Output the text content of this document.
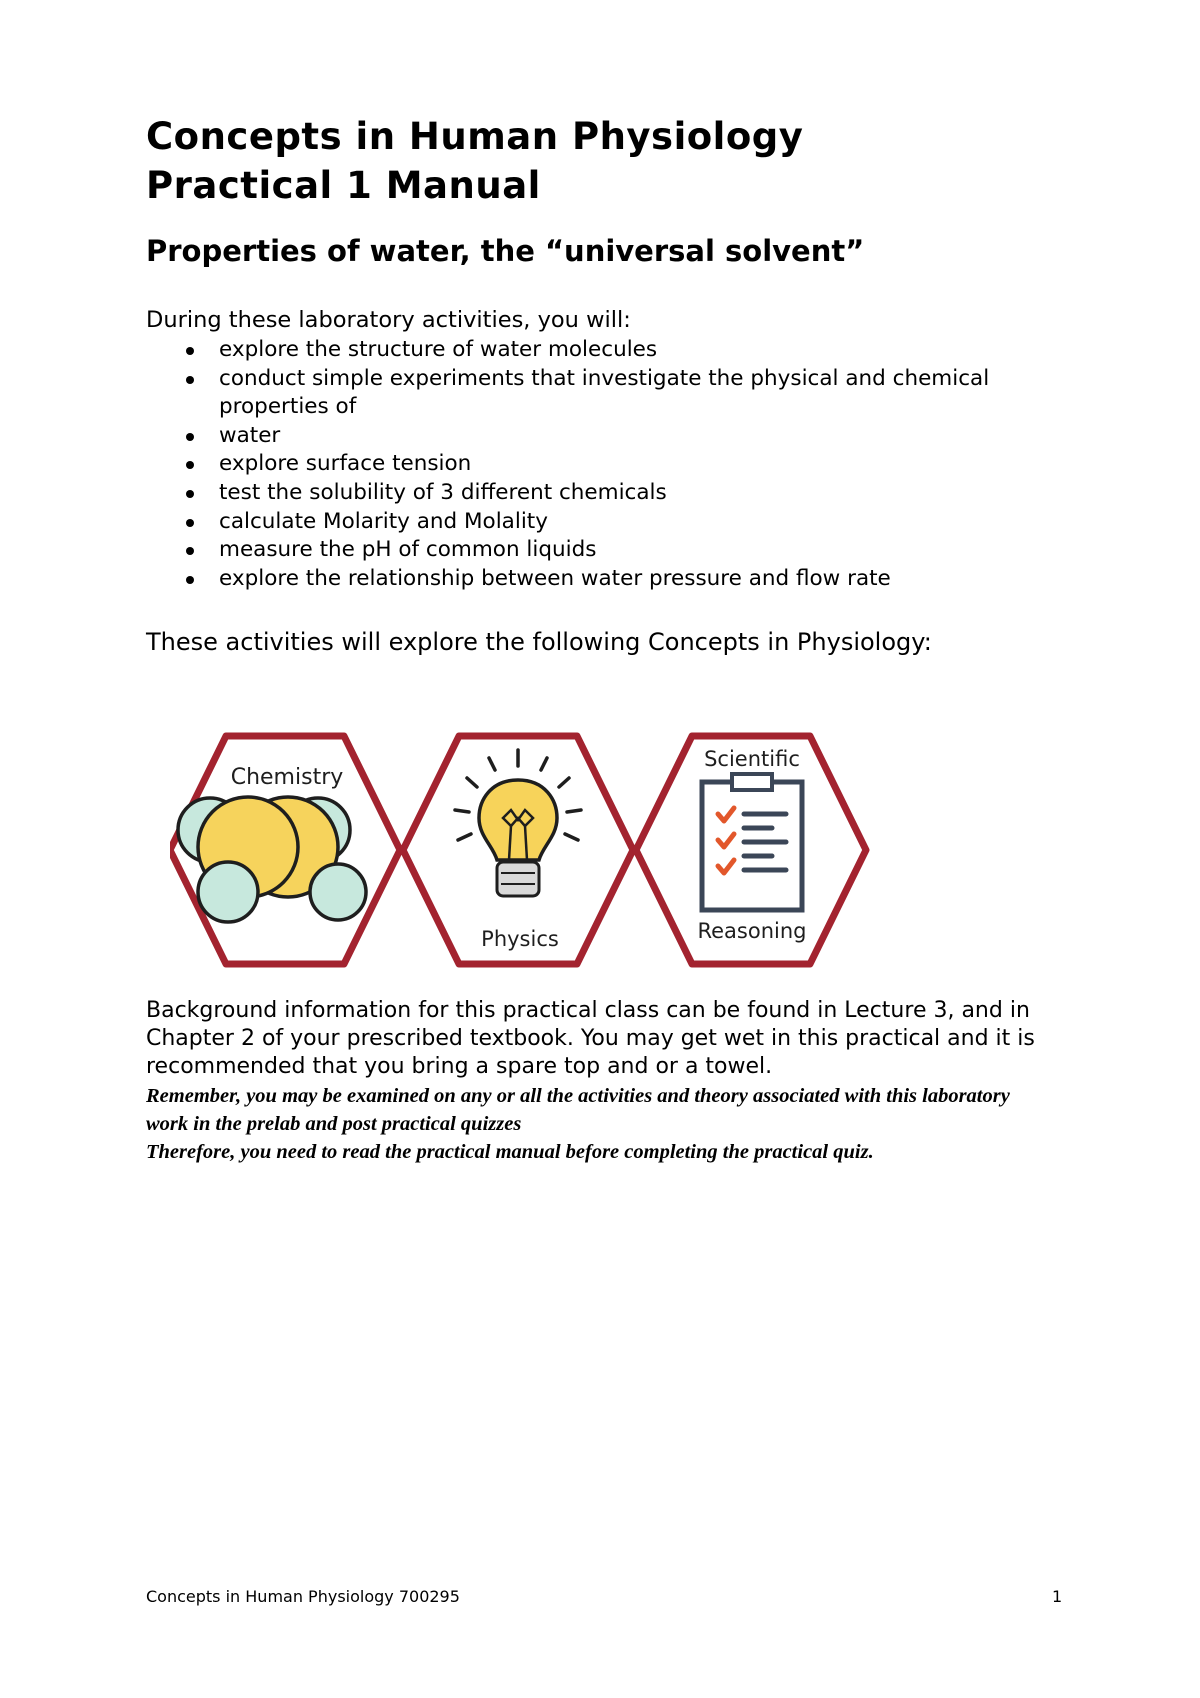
Concepts in Human Physiology
Practical 1 Manual
Properties of water, the “universal solvent”

During these laboratory activities, you will:

explore the structure of water molecules
conduct simple experiments that investigate the physical and chemical properties of
water
explore surface tension
test the solubility of 3 different chemicals
calculate Molarity and Molality
measure the pH of common liquids
explore the relationship between water pressure and flow rate

These activities will explore the following Concepts in Physiology:

Chemistry
Physics
Scientific
Reasoning

Background information for this practical class can be found in Lecture 3, and in Chapter 2 of your prescribed textbook. You may get wet in this practical and it is recommended that you bring a spare top and or a towel.

Remember, you may be examined on any or all the activities and theory associated with this laboratory work in the prelab and post practical quizzes
Therefore, you need to read the practical manual before completing the practical quiz.

Concepts in Human Physiology 700295	1
